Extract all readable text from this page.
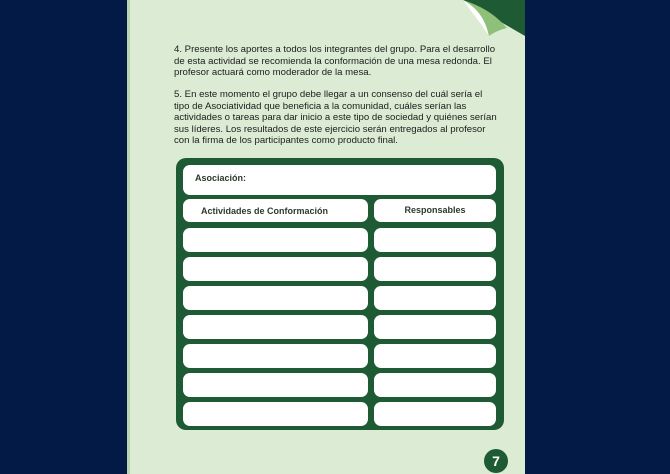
4. Presente los aportes a todos los integrantes del grupo. Para el desarrollo
de esta actividad se recomienda la conformación de una mesa redonda. El
profesor actuará como moderador de la mesa.

5. En este momento el grupo debe llegar a un consenso del cuál sería el
tipo de Asociatividad que beneficia a la comunidad, cuáles serían las
actividades o tareas para dar inicio a este tipo de sociedad y quiénes serían
sus líderes. Los resultados de este ejercicio serán entregados al profesor
con la firma de los participantes como producto final.

Asociación:
Actividades de Conformación	Responsables
7
